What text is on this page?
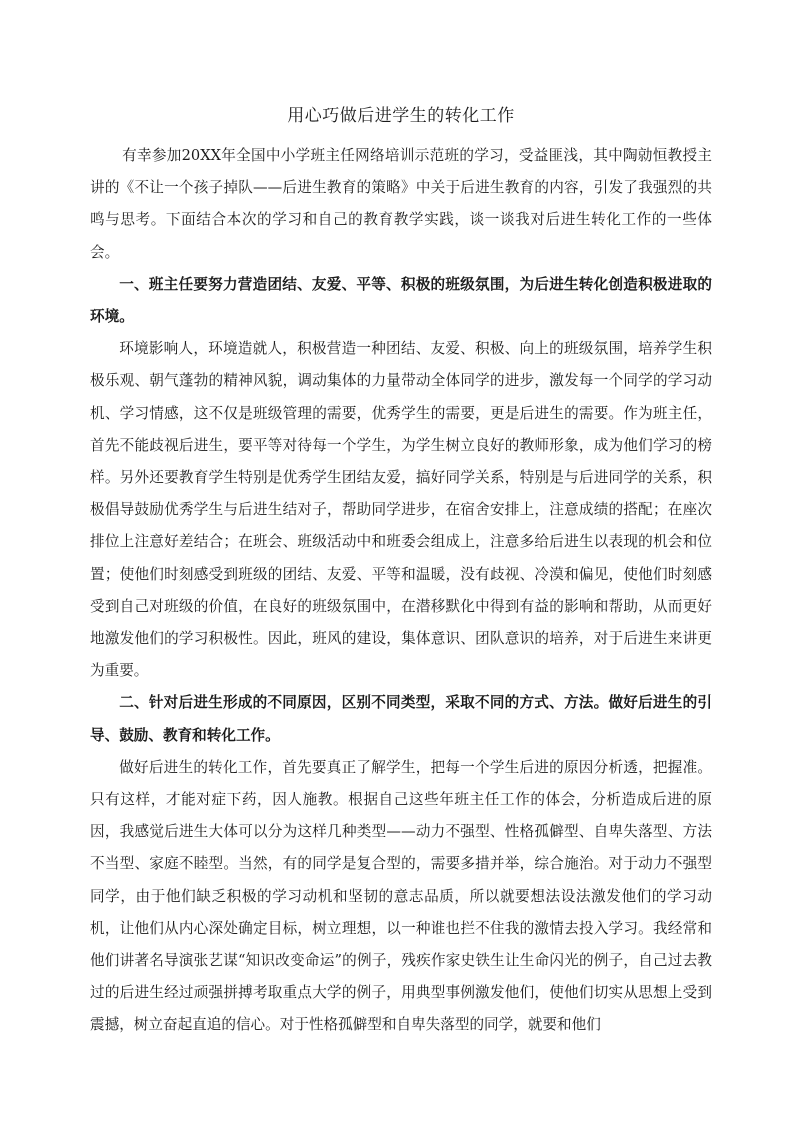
用心巧做后进学生的转化工作

有幸参加20XX年全国中小学班主任网络培训示范班的学习，受益匪浅，其中陶勍恒教授主讲的《不让一个孩子掉队——后进生教育的策略》中关于后进生教育的内容，引发了我强烈的共鸣与思考。下面结合本次的学习和自己的教育教学实践，谈一谈我对后进生转化工作的一些体会。

一、班主任要努力营造团结、友爱、平等、积极的班级氛围，为后进生转化创造积极进取的环境。

环境影响人，环境造就人，积极营造一种团结、友爱、积极、向上的班级氛围，培养学生积极乐观、朝气蓬勃的精神风貌，调动集体的力量带动全体同学的进步，激发每一个同学的学习动机、学习情感，这不仅是班级管理的需要，优秀学生的需要，更是后进生的需要。作为班主任，首先不能歧视后进生，要平等对待每一个学生，为学生树立良好的教师形象，成为他们学习的榜样。另外还要教育学生特别是优秀学生团结友爱，搞好同学关系，特别是与后进同学的关系，积极倡导鼓励优秀学生与后进生结对子，帮助同学进步，在宿舍安排上，注意成绩的搭配；在座次排位上注意好差结合；在班会、班级活动中和班委会组成上，注意多给后进生以表现的机会和位置；使他们时刻感受到班级的团结、友爱、平等和温暖，没有歧视、冷漠和偏见，使他们时刻感受到自己对班级的价值，在良好的班级氛围中，在潜移默化中得到有益的影响和帮助，从而更好地激发他们的学习积极性。因此，班风的建设，集体意识、团队意识的培养，对于后进生来讲更为重要。

二、针对后进生形成的不同原因，区别不同类型，采取不同的方式、方法。做好后进生的引导、鼓励、教育和转化工作。

做好后进生的转化工作，首先要真正了解学生，把每一个学生后进的原因分析透，把握准。只有这样，才能对症下药，因人施教。根据自己这些年班主任工作的体会，分析造成后进的原因，我感觉后进生大体可以分为这样几种类型——动力不强型、性格孤僻型、自卑失落型、方法不当型、家庭不睦型。当然，有的同学是复合型的，需要多措并举，综合施治。对于动力不强型同学，由于他们缺乏积极的学习动机和坚韧的意志品质，所以就要想法设法激发他们的学习动机，让他们从内心深处确定目标，树立理想，以一种谁也拦不住我的激情去投入学习。我经常和他们讲著名导演张艺谋“知识改变命运”的例子，残疾作家史铁生让生命闪光的例子，自己过去教过的后进生经过顽强拼搏考取重点大学的例子，用典型事例激发他们，使他们切实从思想上受到震撼，树立奋起直追的信心。对于性格孤僻型和自卑失落型的同学，就要和他们
